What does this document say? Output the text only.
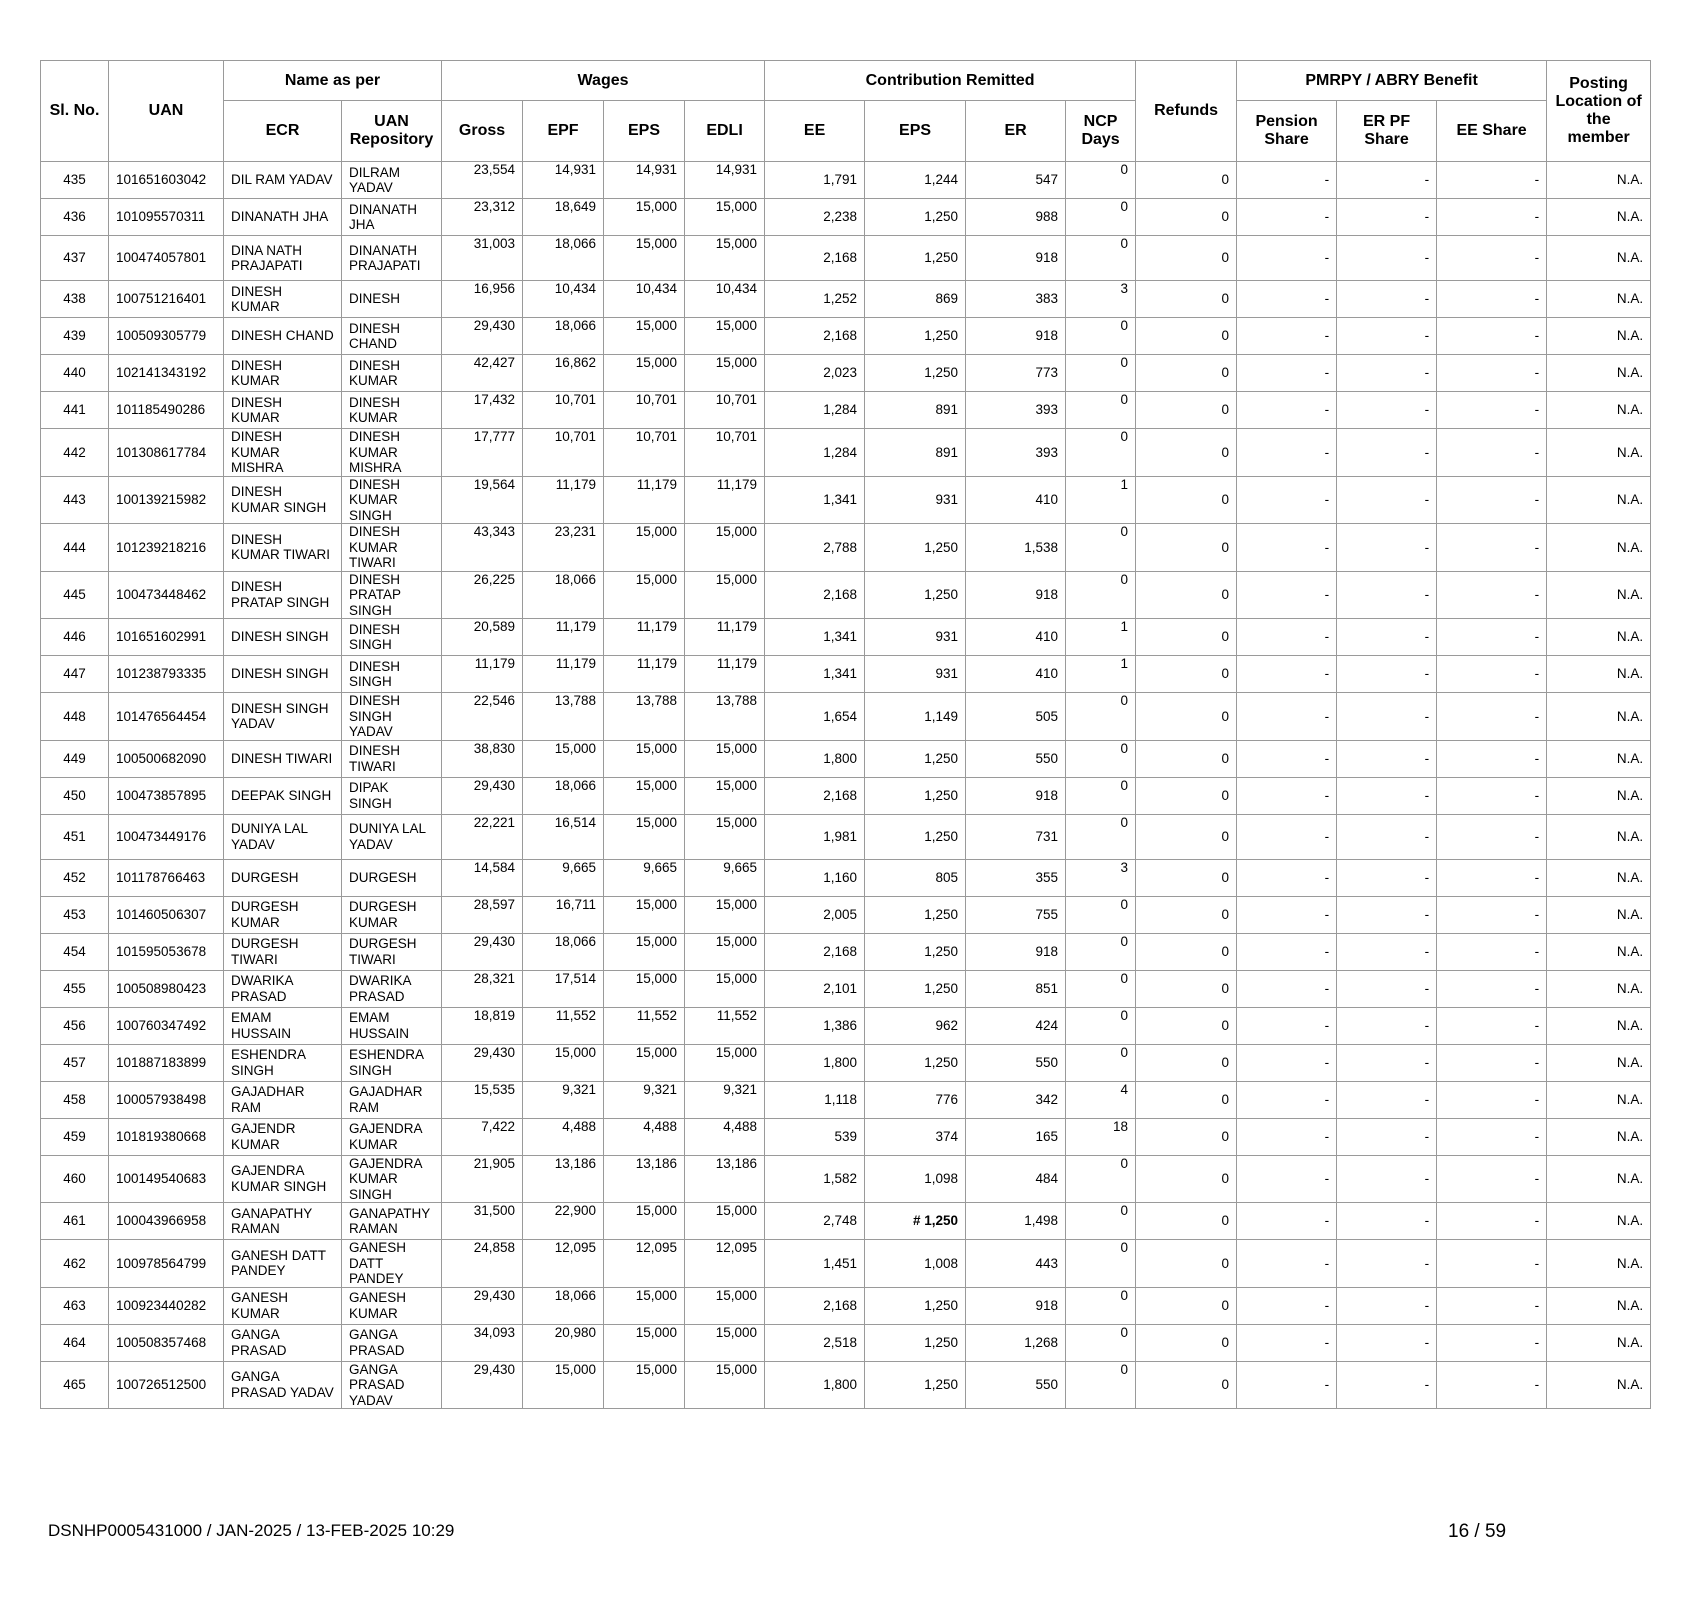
Sl. No.	UAN	Name as per		Wages				Contribution Remitted				Refunds	PMRPY / ABRY Benefit			Posting Location of the member
		ECR	UAN Repository	Gross	EPF	EPS	EDLI	EE	EPS	ER	NCP Days		Pension Share	ER PF Share	EE Share	
435	101651603042	DIL RAM YADAV	DILRAM YADAV	23,554	14,931	14,931	14,931	1,791	1,244	547	0	0	-	-	-	N.A.
436	101095570311	DINANATH JHA	DINANATH JHA	23,312	18,649	15,000	15,000	2,238	1,250	988	0	0	-	-	-	N.A.
437	100474057801	DINA NATH PRAJAPATI	DINANATH PRAJAPATI	31,003	18,066	15,000	15,000	2,168	1,250	918	0	0	-	-	-	N.A.
438	100751216401	DINESH KUMAR	DINESH	16,956	10,434	10,434	10,434	1,252	869	383	3	0	-	-	-	N.A.
439	100509305779	DINESH CHAND	DINESH CHAND	29,430	18,066	15,000	15,000	2,168	1,250	918	0	0	-	-	-	N.A.
440	102141343192	DINESH KUMAR	DINESH KUMAR	42,427	16,862	15,000	15,000	2,023	1,250	773	0	0	-	-	-	N.A.
441	101185490286	DINESH KUMAR	DINESH KUMAR	17,432	10,701	10,701	10,701	1,284	891	393	0	0	-	-	-	N.A.
442	101308617784	DINESH KUMAR MISHRA	DINESH KUMAR MISHRA	17,777	10,701	10,701	10,701	1,284	891	393	0	0	-	-	-	N.A.
443	100139215982	DINESH KUMAR SINGH	DINESH KUMAR SINGH	19,564	11,179	11,179	11,179	1,341	931	410	1	0	-	-	-	N.A.
444	101239218216	DINESH KUMAR TIWARI	DINESH KUMAR TIWARI	43,343	23,231	15,000	15,000	2,788	1,250	1,538	0	0	-	-	-	N.A.
445	100473448462	DINESH PRATAP SINGH	DINESH PRATAP SINGH	26,225	18,066	15,000	15,000	2,168	1,250	918	0	0	-	-	-	N.A.
446	101651602991	DINESH SINGH	DINESH SINGH	20,589	11,179	11,179	11,179	1,341	931	410	1	0	-	-	-	N.A.
447	101238793335	DINESH SINGH	DINESH SINGH	11,179	11,179	11,179	11,179	1,341	931	410	1	0	-	-	-	N.A.
448	101476564454	DINESH SINGH YADAV	DINESH SINGH YADAV	22,546	13,788	13,788	13,788	1,654	1,149	505	0	0	-	-	-	N.A.
449	100500682090	DINESH TIWARI	DINESH TIWARI	38,830	15,000	15,000	15,000	1,800	1,250	550	0	0	-	-	-	N.A.
450	100473857895	DEEPAK SINGH	DIPAK SINGH	29,430	18,066	15,000	15,000	2,168	1,250	918	0	0	-	-	-	N.A.
451	100473449176	DUNIYA LAL YADAV	DUNIYA LAL YADAV	22,221	16,514	15,000	15,000	1,981	1,250	731	0	0	-	-	-	N.A.
452	101178766463	DURGESH	DURGESH	14,584	9,665	9,665	9,665	1,160	805	355	3	0	-	-	-	N.A.
453	101460506307	DURGESH KUMAR	DURGESH KUMAR	28,597	16,711	15,000	15,000	2,005	1,250	755	0	0	-	-	-	N.A.
454	101595053678	DURGESH TIWARI	DURGESH TIWARI	29,430	18,066	15,000	15,000	2,168	1,250	918	0	0	-	-	-	N.A.
455	100508980423	DWARIKA PRASAD	DWARIKA PRASAD	28,321	17,514	15,000	15,000	2,101	1,250	851	0	0	-	-	-	N.A.
456	100760347492	EMAM HUSSAIN	EMAM HUSSAIN	18,819	11,552	11,552	11,552	1,386	962	424	0	0	-	-	-	N.A.
457	101887183899	ESHENDRA SINGH	ESHENDRA SINGH	29,430	15,000	15,000	15,000	1,800	1,250	550	0	0	-	-	-	N.A.
458	100057938498	GAJADHAR RAM	GAJADHAR RAM	15,535	9,321	9,321	9,321	1,118	776	342	4	0	-	-	-	N.A.
459	101819380668	GAJENDR KUMAR	GAJENDRA KUMAR	7,422	4,488	4,488	4,488	539	374	165	18	0	-	-	-	N.A.
460	100149540683	GAJENDRA KUMAR SINGH	GAJENDRA KUMAR SINGH	21,905	13,186	13,186	13,186	1,582	1,098	484	0	0	-	-	-	N.A.
461	100043966958	GANAPATHY RAMAN	GANAPATHY RAMAN	31,500	22,900	15,000	15,000	2,748	# 1,250	1,498	0	0	-	-	-	N.A.
462	100978564799	GANESH DATT PANDEY	GANESH DATT PANDEY	24,858	12,095	12,095	12,095	1,451	1,008	443	0	0	-	-	-	N.A.
463	100923440282	GANESH KUMAR	GANESH KUMAR	29,430	18,066	15,000	15,000	2,168	1,250	918	0	0	-	-	-	N.A.
464	100508357468	GANGA PRASAD	GANGA PRASAD	34,093	20,980	15,000	15,000	2,518	1,250	1,268	0	0	-	-	-	N.A.
465	100726512500	GANGA PRASAD YADAV	GANGA PRASAD YADAV	29,430	15,000	15,000	15,000	1,800	1,250	550	0	0	-	-	-	N.A.
DSNHP0005431000 / JAN-2025 / 13-FEB-2025 10:29	16 / 59
